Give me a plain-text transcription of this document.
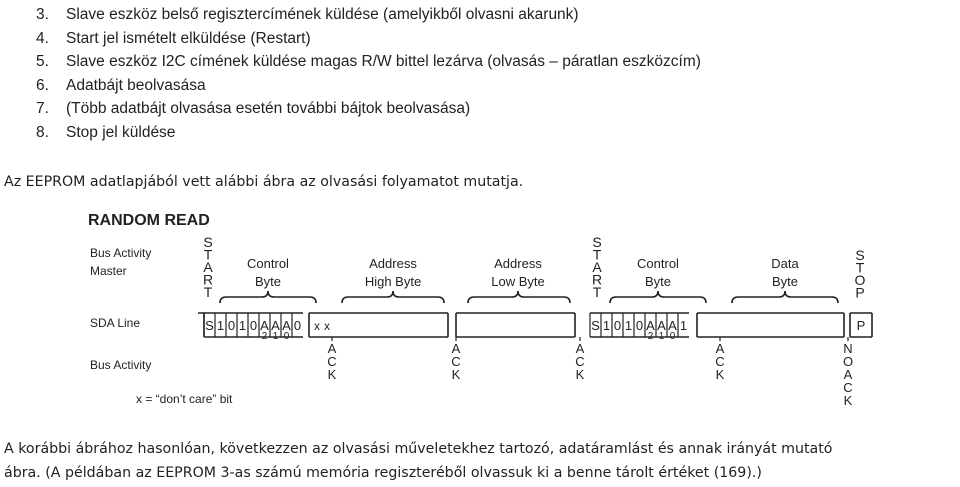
3. Slave eszköz belső regisztercímének küldése (amelyikből olvasni akarunk)
4. Start jel ismételt elküldése (Restart)
5. Slave eszköz I2C címének küldése magas R/W bittel lezárva (olvasás – páratlan eszközcím)
6. Adatbájt beolvasása
7. (Több adatbájt olvasása esetén további bájtok beolvasása)
8. Stop jel küldése
Az EEPROM adatlapjából vett alábbi ábra az olvasási folyamatot mutatja.
RANDOM READ
Bus Activity
Master
SDA Line
Bus Activity
x = “don’t care” bit
S
T
A
R
T
S
T
A
R
T
S
T
O
P
Control
Byte
Address
High Byte
Address
Low Byte
Control
Byte
Data
Byte
S 1 0 1 0 A A A 0
2 1 0
x x	S 1 0 1 0 A A A 1
2 1 0
P
A
C
K
A
C
K
A
C
K
A
C
K
N
O
A
C
K
A korábbi ábrához hasonlóan, következzen az olvasási műveletekhez tartozó, adatáramlást és annak irányát mutató
ábra. (A példában az EEPROM 3-as számú memória regiszteréből olvassuk ki a benne tárolt értéket (169).)
